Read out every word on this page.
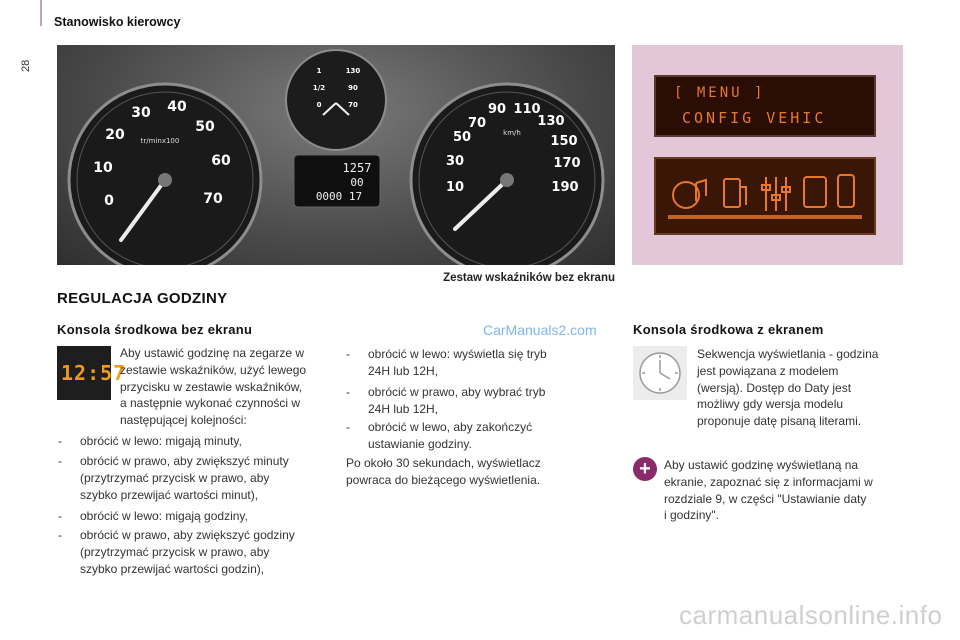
28
Stanowisko kierowcy
0
10
20
30 40
50
60
70
tr/minx100
1
1/2
0
130
90
70
1257
00
0000 17
10
30
50
70
90 110
130
150
170
190
km/h
[ MENU ]
CONFIG VEHIC
Zestaw wskaźników bez ekranu
REGULACJA GODZINY
Konsola środkowa bez ekranu	CarManuals2.com
12:57
Aby ustawić godzinę na zegarze w
zestawie wskaźników, użyć lewego
przycisku w zestawie wskaźników,
a następnie wykonać czynności w
następującej kolejności:
- obrócić w lewo: migają minuty,
- obrócić w prawo, aby zwiększyć minuty
(przytrzymać przycisk w prawo, aby
szybko przewijać wartości minut),
- obrócić w lewo: migają godziny,
- obrócić w prawo, aby zwiększyć godziny
(przytrzymać przycisk w prawo, aby
szybko przewijać wartości godzin),
- obrócić w lewo: wyświetla się tryb
24H lub 12H,
- obrócić w prawo, aby wybrać tryb
24H lub 12H,
- obrócić w lewo, aby zakończyć
ustawianie godziny.
Po około 30 sekundach, wyświetlacz
powraca do bieżącego wyświetlenia.
Konsola środkowa z ekranem
Sekwencja wyświetlania - godzina
jest powiązana z modelem
(wersją). Dostęp do Daty jest
możliwy gdy wersja modelu
proponuje datę pisaną literami.
+	Aby ustawić godzinę wyświetlaną na
ekranie, zapoznać się z informacjami w
rozdziale 9, w części "Ustawianie daty
i godziny".
carmanualsonline.info
